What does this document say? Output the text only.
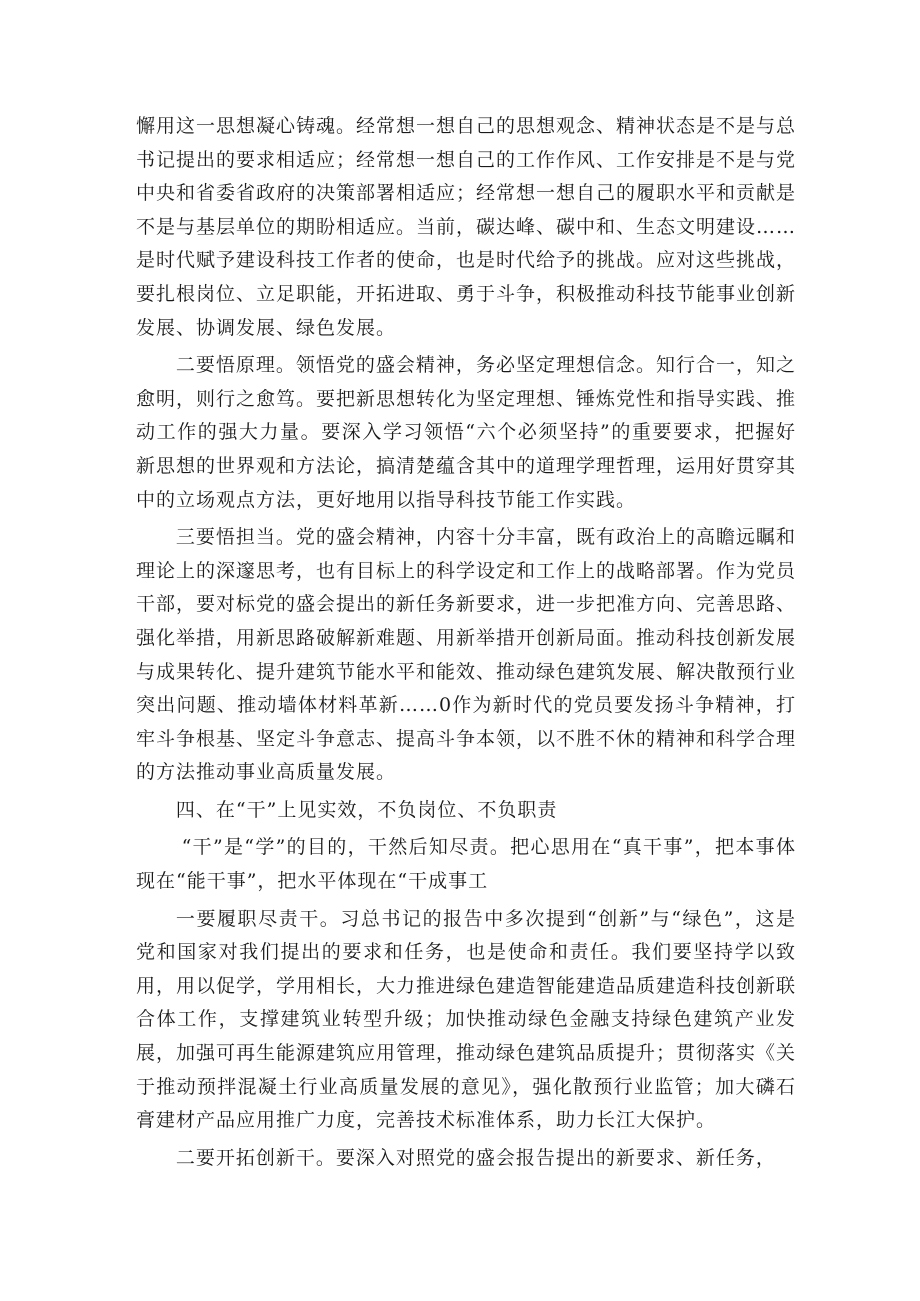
懈用这一思想凝心铸魂。经常想一想自己的思想观念、精神状态是不是与总书记提出的要求相适应；经常想一想自己的工作作风、工作安排是不是与党中央和省委省政府的决策部署相适应；经常想一想自己的履职水平和贡献是不是与基层单位的期盼相适应。当前，碳达峰、碳中和、生态文明建设……是时代赋予建设科技工作者的使命，也是时代给予的挑战。应对这些挑战，要扎根岗位、立足职能，开拓进取、勇于斗争，积极推动科技节能事业创新发展、协调发展、绿色发展。

二要悟原理。领悟党的盛会精神，务必坚定理想信念。知行合一，知之愈明，则行之愈笃。要把新思想转化为坚定理想、锤炼党性和指导实践、推动工作的强大力量。要深入学习领悟“六个必须坚持”的重要要求，把握好新思想的世界观和方法论，搞清楚蕴含其中的道理学理哲理，运用好贯穿其中的立场观点方法，更好地用以指导科技节能工作实践。

三要悟担当。党的盛会精神，内容十分丰富，既有政治上的高瞻远瞩和理论上的深邃思考，也有目标上的科学设定和工作上的战略部署。作为党员干部，要对标党的盛会提出的新任务新要求，进一步把准方向、完善思路、强化举措，用新思路破解新难题、用新举措开创新局面。推动科技创新发展与成果转化、提升建筑节能水平和能效、推动绿色建筑发展、解决散预行业突出问题、推动墙体材料革新……0作为新时代的党员要发扬斗争精神，打牢斗争根基、坚定斗争意志、提高斗争本领，以不胜不休的精神和科学合理的方法推动事业高质量发展。

四、在“干”上见实效，不负岗位、不负职责

“干”是“学”的目的，干然后知尽责。把心思用在“真干事”，把本事体现在“能干事”，把水平体现在“干成事工

一要履职尽责干。习总书记的报告中多次提到“创新”与“绿色”，这是党和国家对我们提出的要求和任务，也是使命和责任。我们要坚持学以致用，用以促学，学用相长，大力推进绿色建造智能建造品质建造科技创新联合体工作，支撑建筑业转型升级；加快推动绿色金融支持绿色建筑产业发展，加强可再生能源建筑应用管理，推动绿色建筑品质提升；贯彻落实《关于推动预拌混凝土行业高质量发展的意见》，强化散预行业监管；加大磷石膏建材产品应用推广力度，完善技术标准体系，助力长江大保护。

二要开拓创新干。要深入对照党的盛会报告提出的新要求、新任务，
